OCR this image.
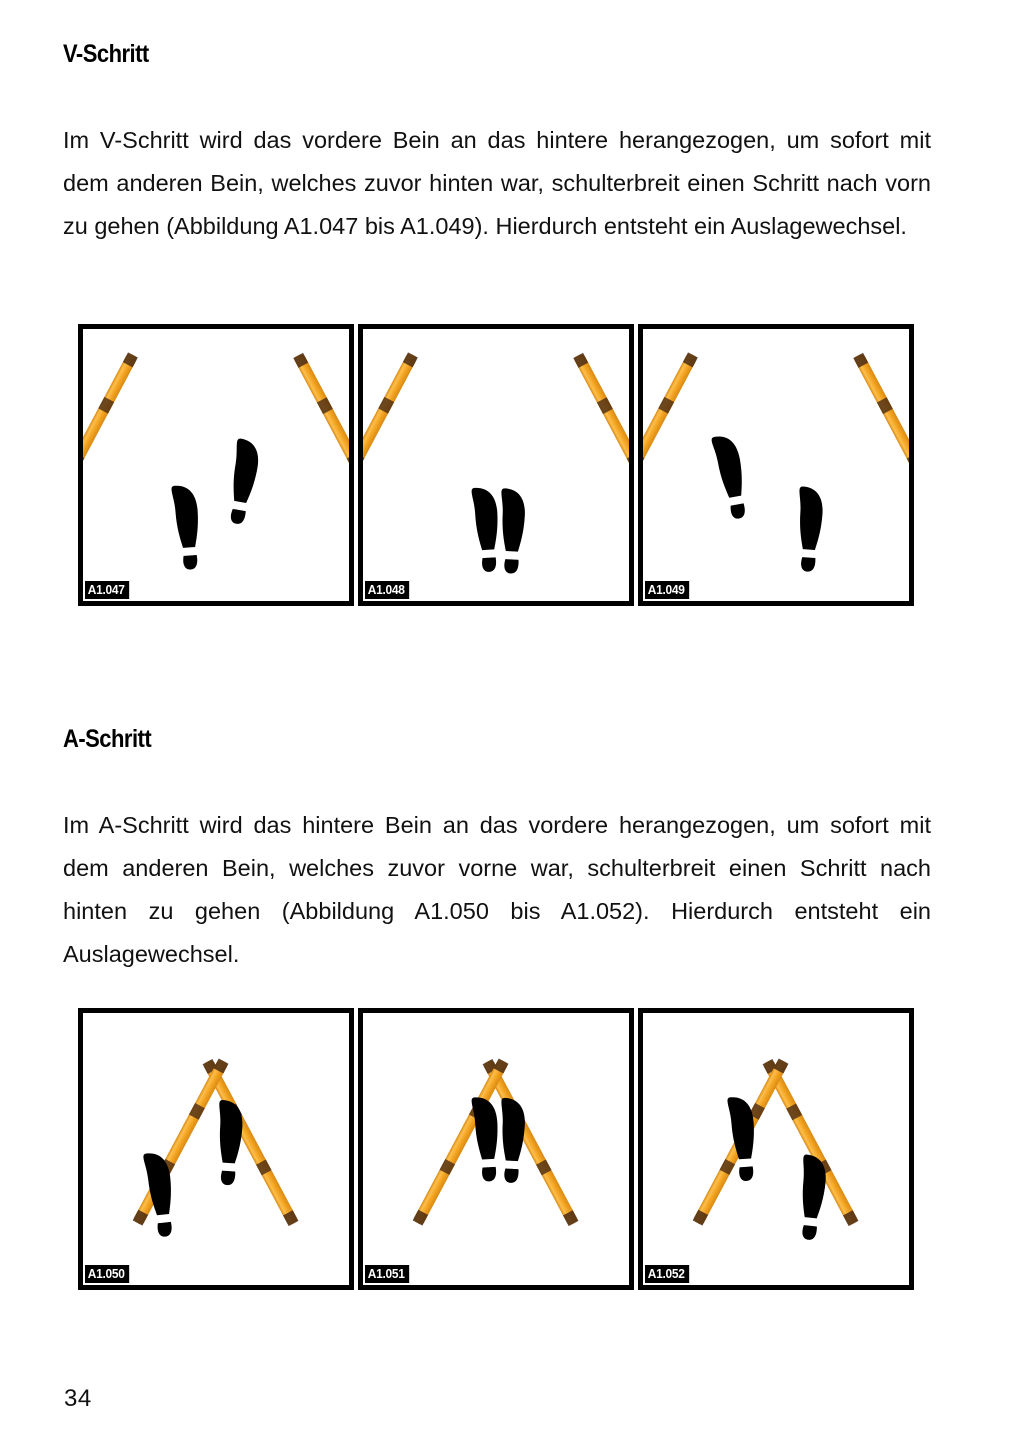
V-Schritt
Im V-Schritt wird das vordere Bein an das hintere herangezogen, um sofort mit dem anderen Bein, welches zuvor hinten war, schulterbreit einen Schritt nach vorn zu gehen (Abbildung A1.047 bis A1.049). Hierdurch entsteht ein Auslagewechsel.
A1.047	A1.048	A1.049
A-Schritt
Im A-Schritt wird das hintere Bein an das vordere herangezogen, um sofort mit dem anderen Bein, welches zuvor vorne war, schulterbreit einen Schritt nach hinten zu gehen (Abbildung A1.050 bis A1.052). Hierdurch entsteht ein Auslagewechsel.
A1.050	A1.051	A1.052
34
